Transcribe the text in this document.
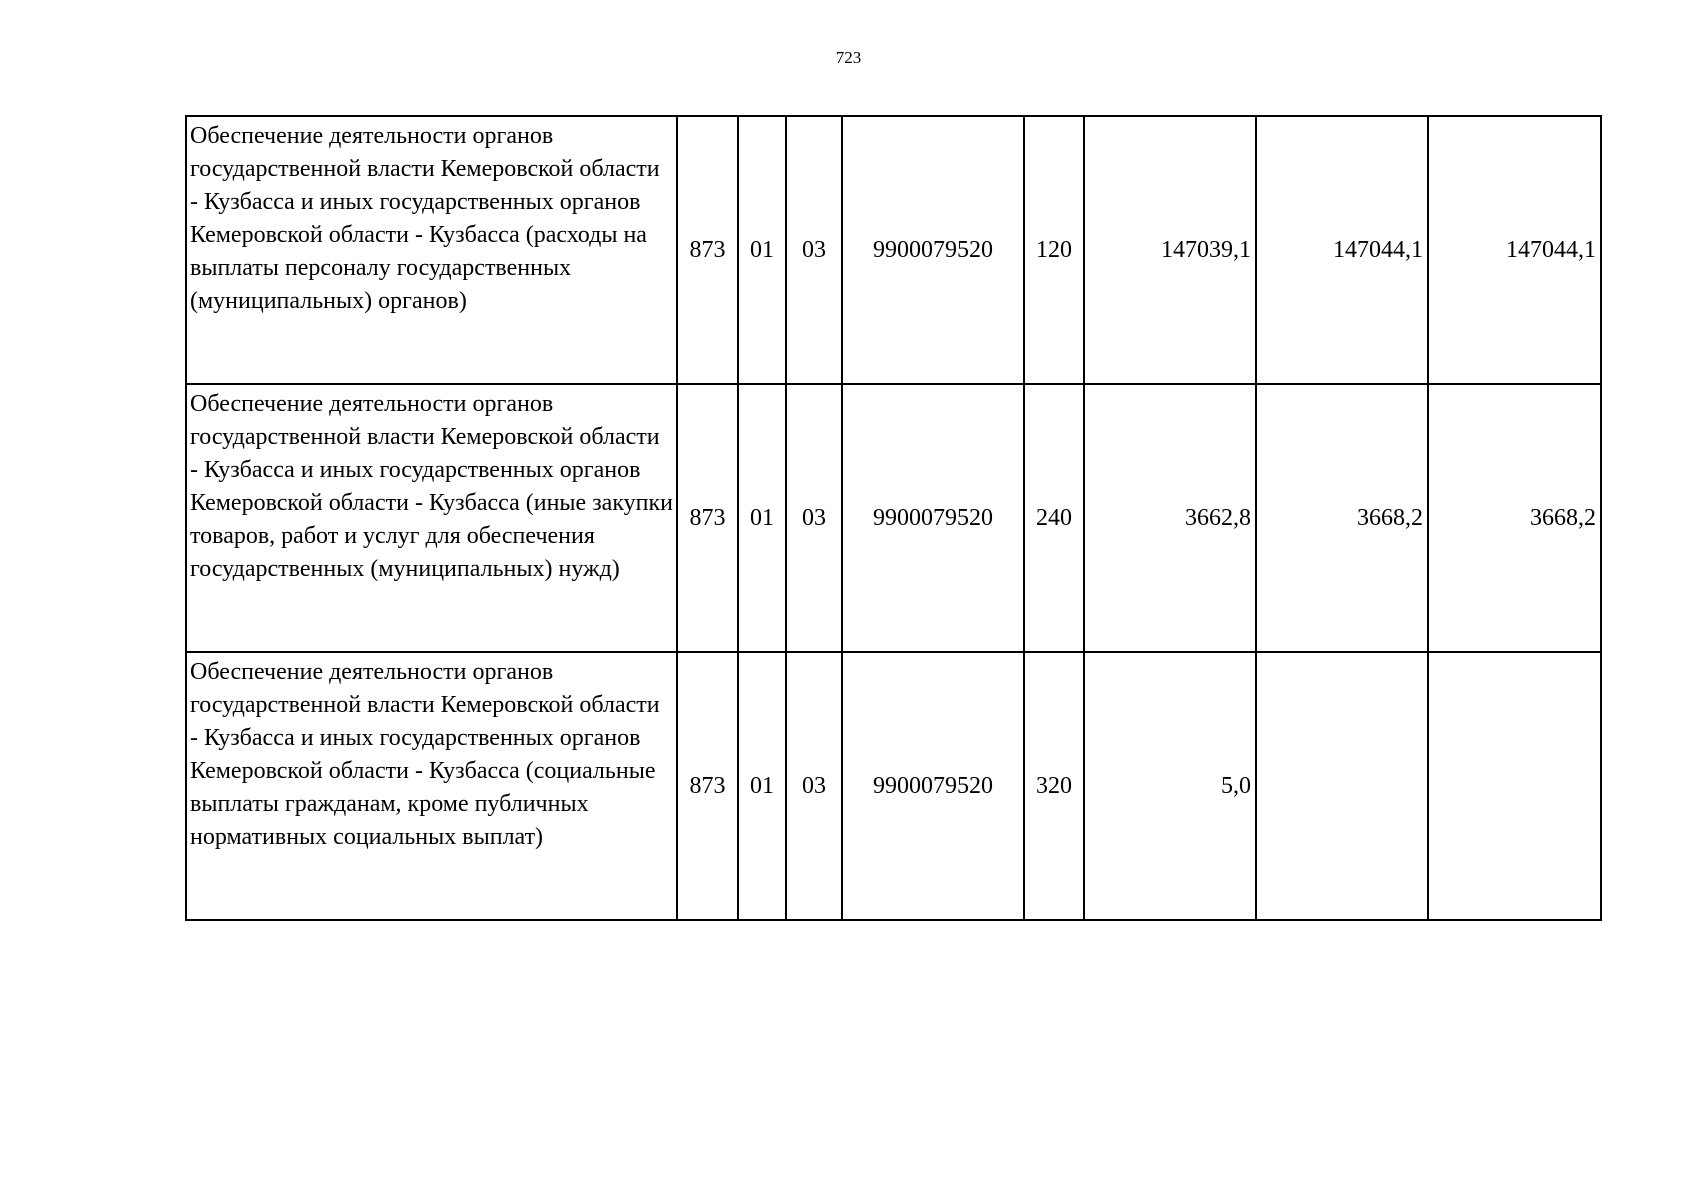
723
Обеспечение деятельности органов государственной власти Кемеровской области - Кузбасса и иных государственных органов Кемеровской области - Кузбасса (расходы на выплаты персоналу государственных (муниципальных) органов)	873	01	03	9900079520	120	147039,1	147044,1	147044,1
Обеспечение деятельности органов государственной власти Кемеровской области - Кузбасса и иных государственных органов Кемеровской области - Кузбасса (иные закупки товаров, работ и услуг для обеспечения государственных (муниципальных) нужд)	873	01	03	9900079520	240	3662,8	3668,2	3668,2
Обеспечение деятельности органов государственной власти Кемеровской области - Кузбасса и иных государственных органов Кемеровской области - Кузбасса (социальные выплаты гражданам, кроме публичных нормативных социальных выплат)	873	01	03	9900079520	320	5,0		
